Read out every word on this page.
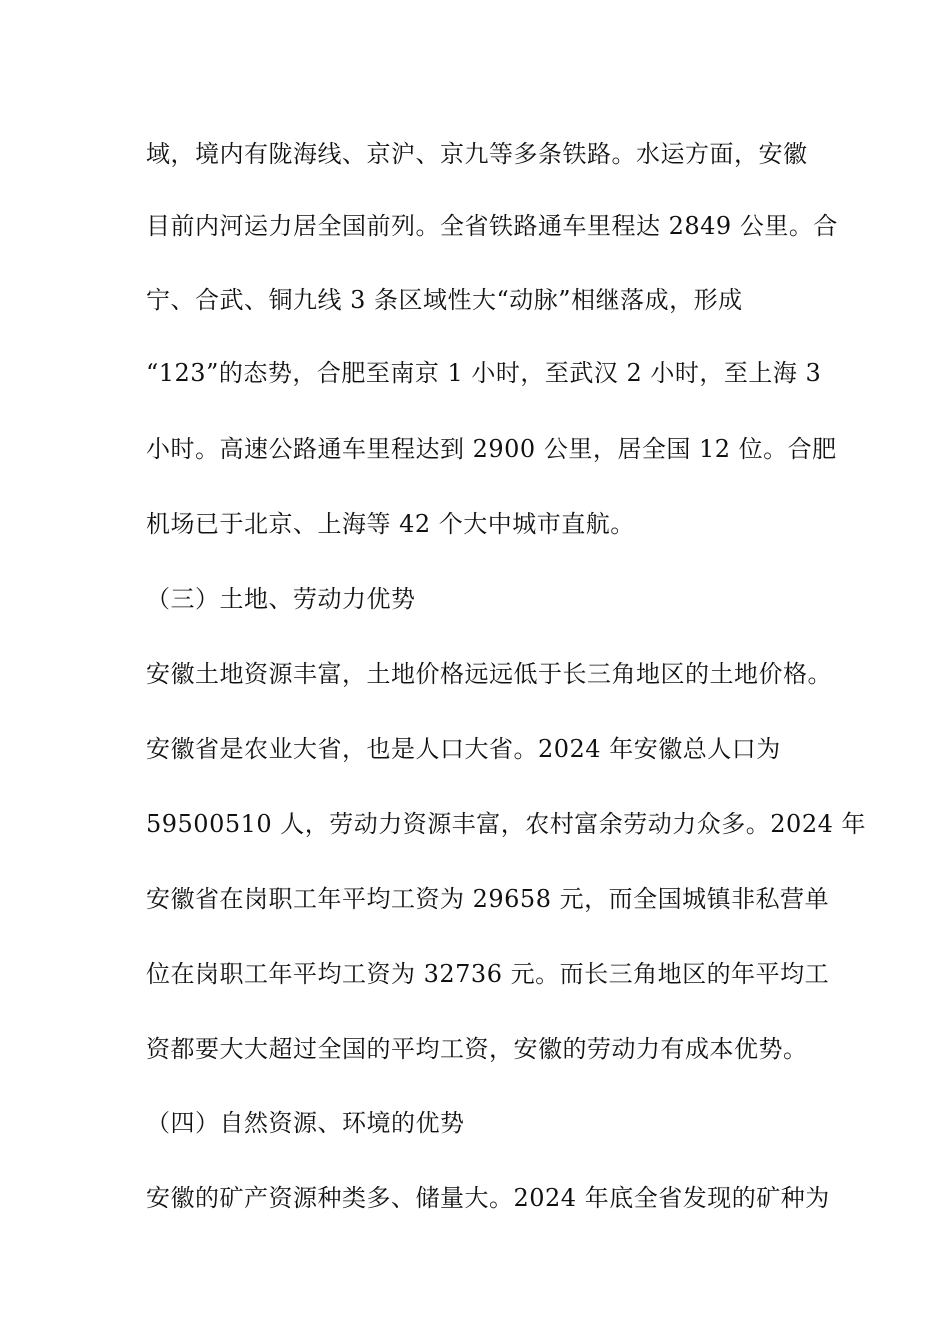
域，境内有陇海线、京沪、京九等多条铁路。水运方面，安徽
目前内河运力居全国前列。全省铁路通车里程达 2849 公里。合
宁、合武、铜九线 3 条区域性大“动脉”相继落成，形成
“123”的态势，合肥至南京 1 小时，至武汉 2 小时，至上海 3
小时。高速公路通车里程达到 2900 公里，居全国 12 位。合肥
机场已于北京、上海等 42 个大中城市直航。
（三）土地、劳动力优势
安徽土地资源丰富，土地价格远远低于长三角地区的土地价格。
安徽省是农业大省，也是人口大省。2024 年安徽总人口为
59500510 人，劳动力资源丰富，农村富余劳动力众多。2024 年
安徽省在岗职工年平均工资为 29658 元，而全国城镇非私营单
位在岗职工年平均工资为 32736 元。而长三角地区的年平均工
资都要大大超过全国的平均工资，安徽的劳动力有成本优势。
（四）自然资源、环境的优势
安徽的矿产资源种类多、储量大。2024 年底全省发现的矿种为
